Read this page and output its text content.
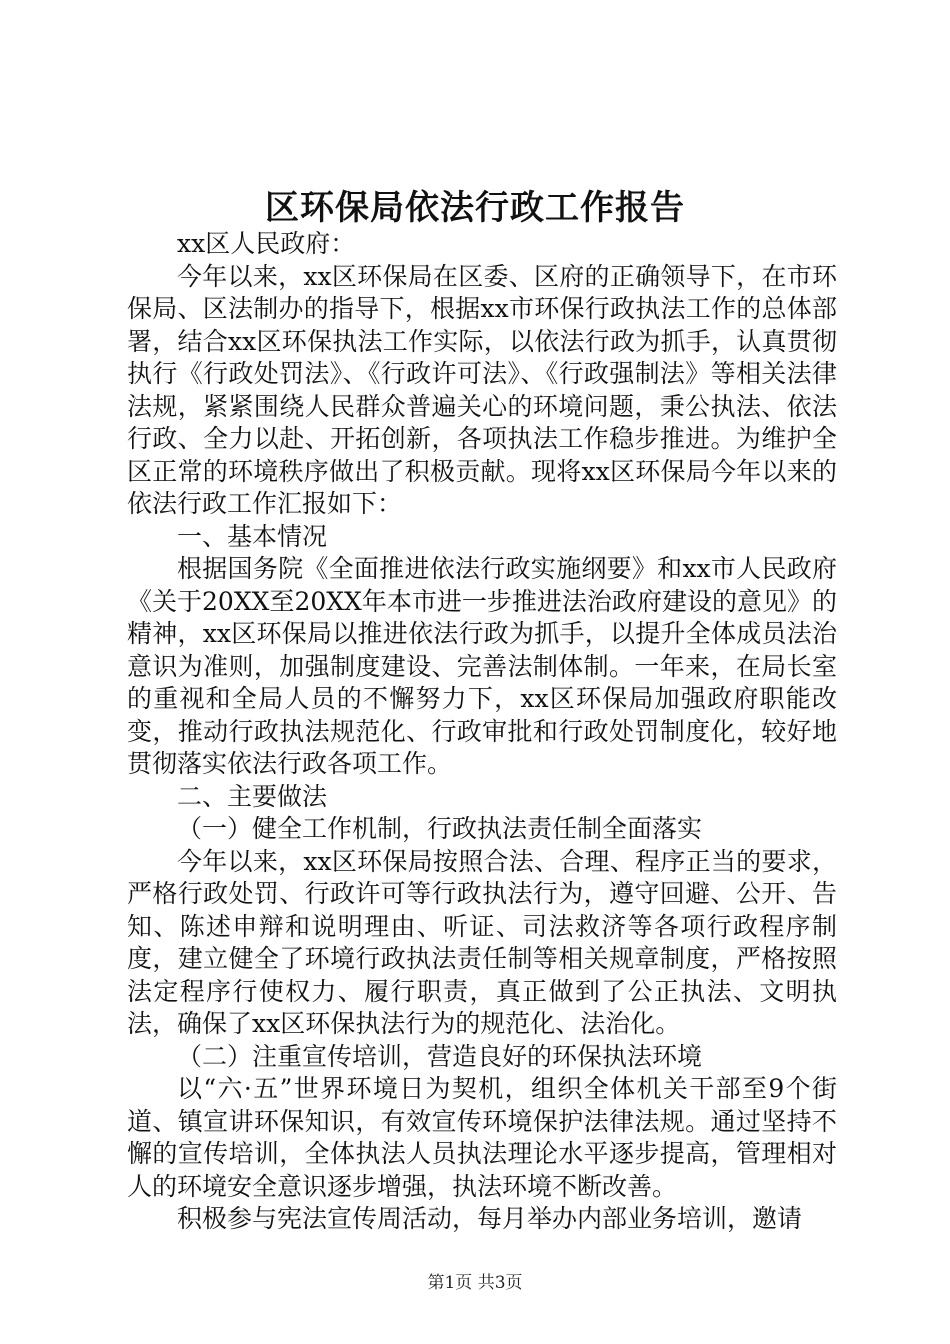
区环保局依法行政工作报告

xx区人民政府：

今年以来，xx区环保局在区委、区府的正确领导下，在市环保局、区法制办的指导下，根据xx市环保行政执法工作的总体部署，结合xx区环保执法工作实际，以依法行政为抓手，认真贯彻执行《行政处罚法》、《行政许可法》、《行政强制法》等相关法律法规，紧紧围绕人民群众普遍关心的环境问题，秉公执法、依法行政、全力以赴、开拓创新，各项执法工作稳步推进。为维护全区正常的环境秩序做出了积极贡献。现将xx区环保局今年以来的依法行政工作汇报如下：

一、基本情况

根据国务院《全面推进依法行政实施纲要》和xx市人民政府《关于20XX至20XX年本市进一步推进法治政府建设的意见》的精神，xx区环保局以推进依法行政为抓手，以提升全体成员法治意识为准则，加强制度建设、完善法制体制。一年来，在局长室的重视和全局人员的不懈努力下，xx区环保局加强政府职能改变，推动行政执法规范化、行政审批和行政处罚制度化，较好地贯彻落实依法行政各项工作。

二、主要做法

（一）健全工作机制，行政执法责任制全面落实

今年以来，xx区环保局按照合法、合理、程序正当的要求，严格行政处罚、行政许可等行政执法行为，遵守回避、公开、告知、陈述申辩和说明理由、听证、司法救济等各项行政程序制度，建立健全了环境行政执法责任制等相关规章制度，严格按照法定程序行使权力、履行职责，真正做到了公正执法、文明执法，确保了xx区环保执法行为的规范化、法治化。

（二）注重宣传培训，营造良好的环保执法环境

以“六·五”世界环境日为契机，组织全体机关干部至9个街道、镇宣讲环保知识，有效宣传环境保护法律法规。通过坚持不懈的宣传培训，全体执法人员执法理论水平逐步提高，管理相对人的环境安全意识逐步增强，执法环境不断改善。

积极参与宪法宣传周活动，每月举办内部业务培训，邀请

第1页 共3页
